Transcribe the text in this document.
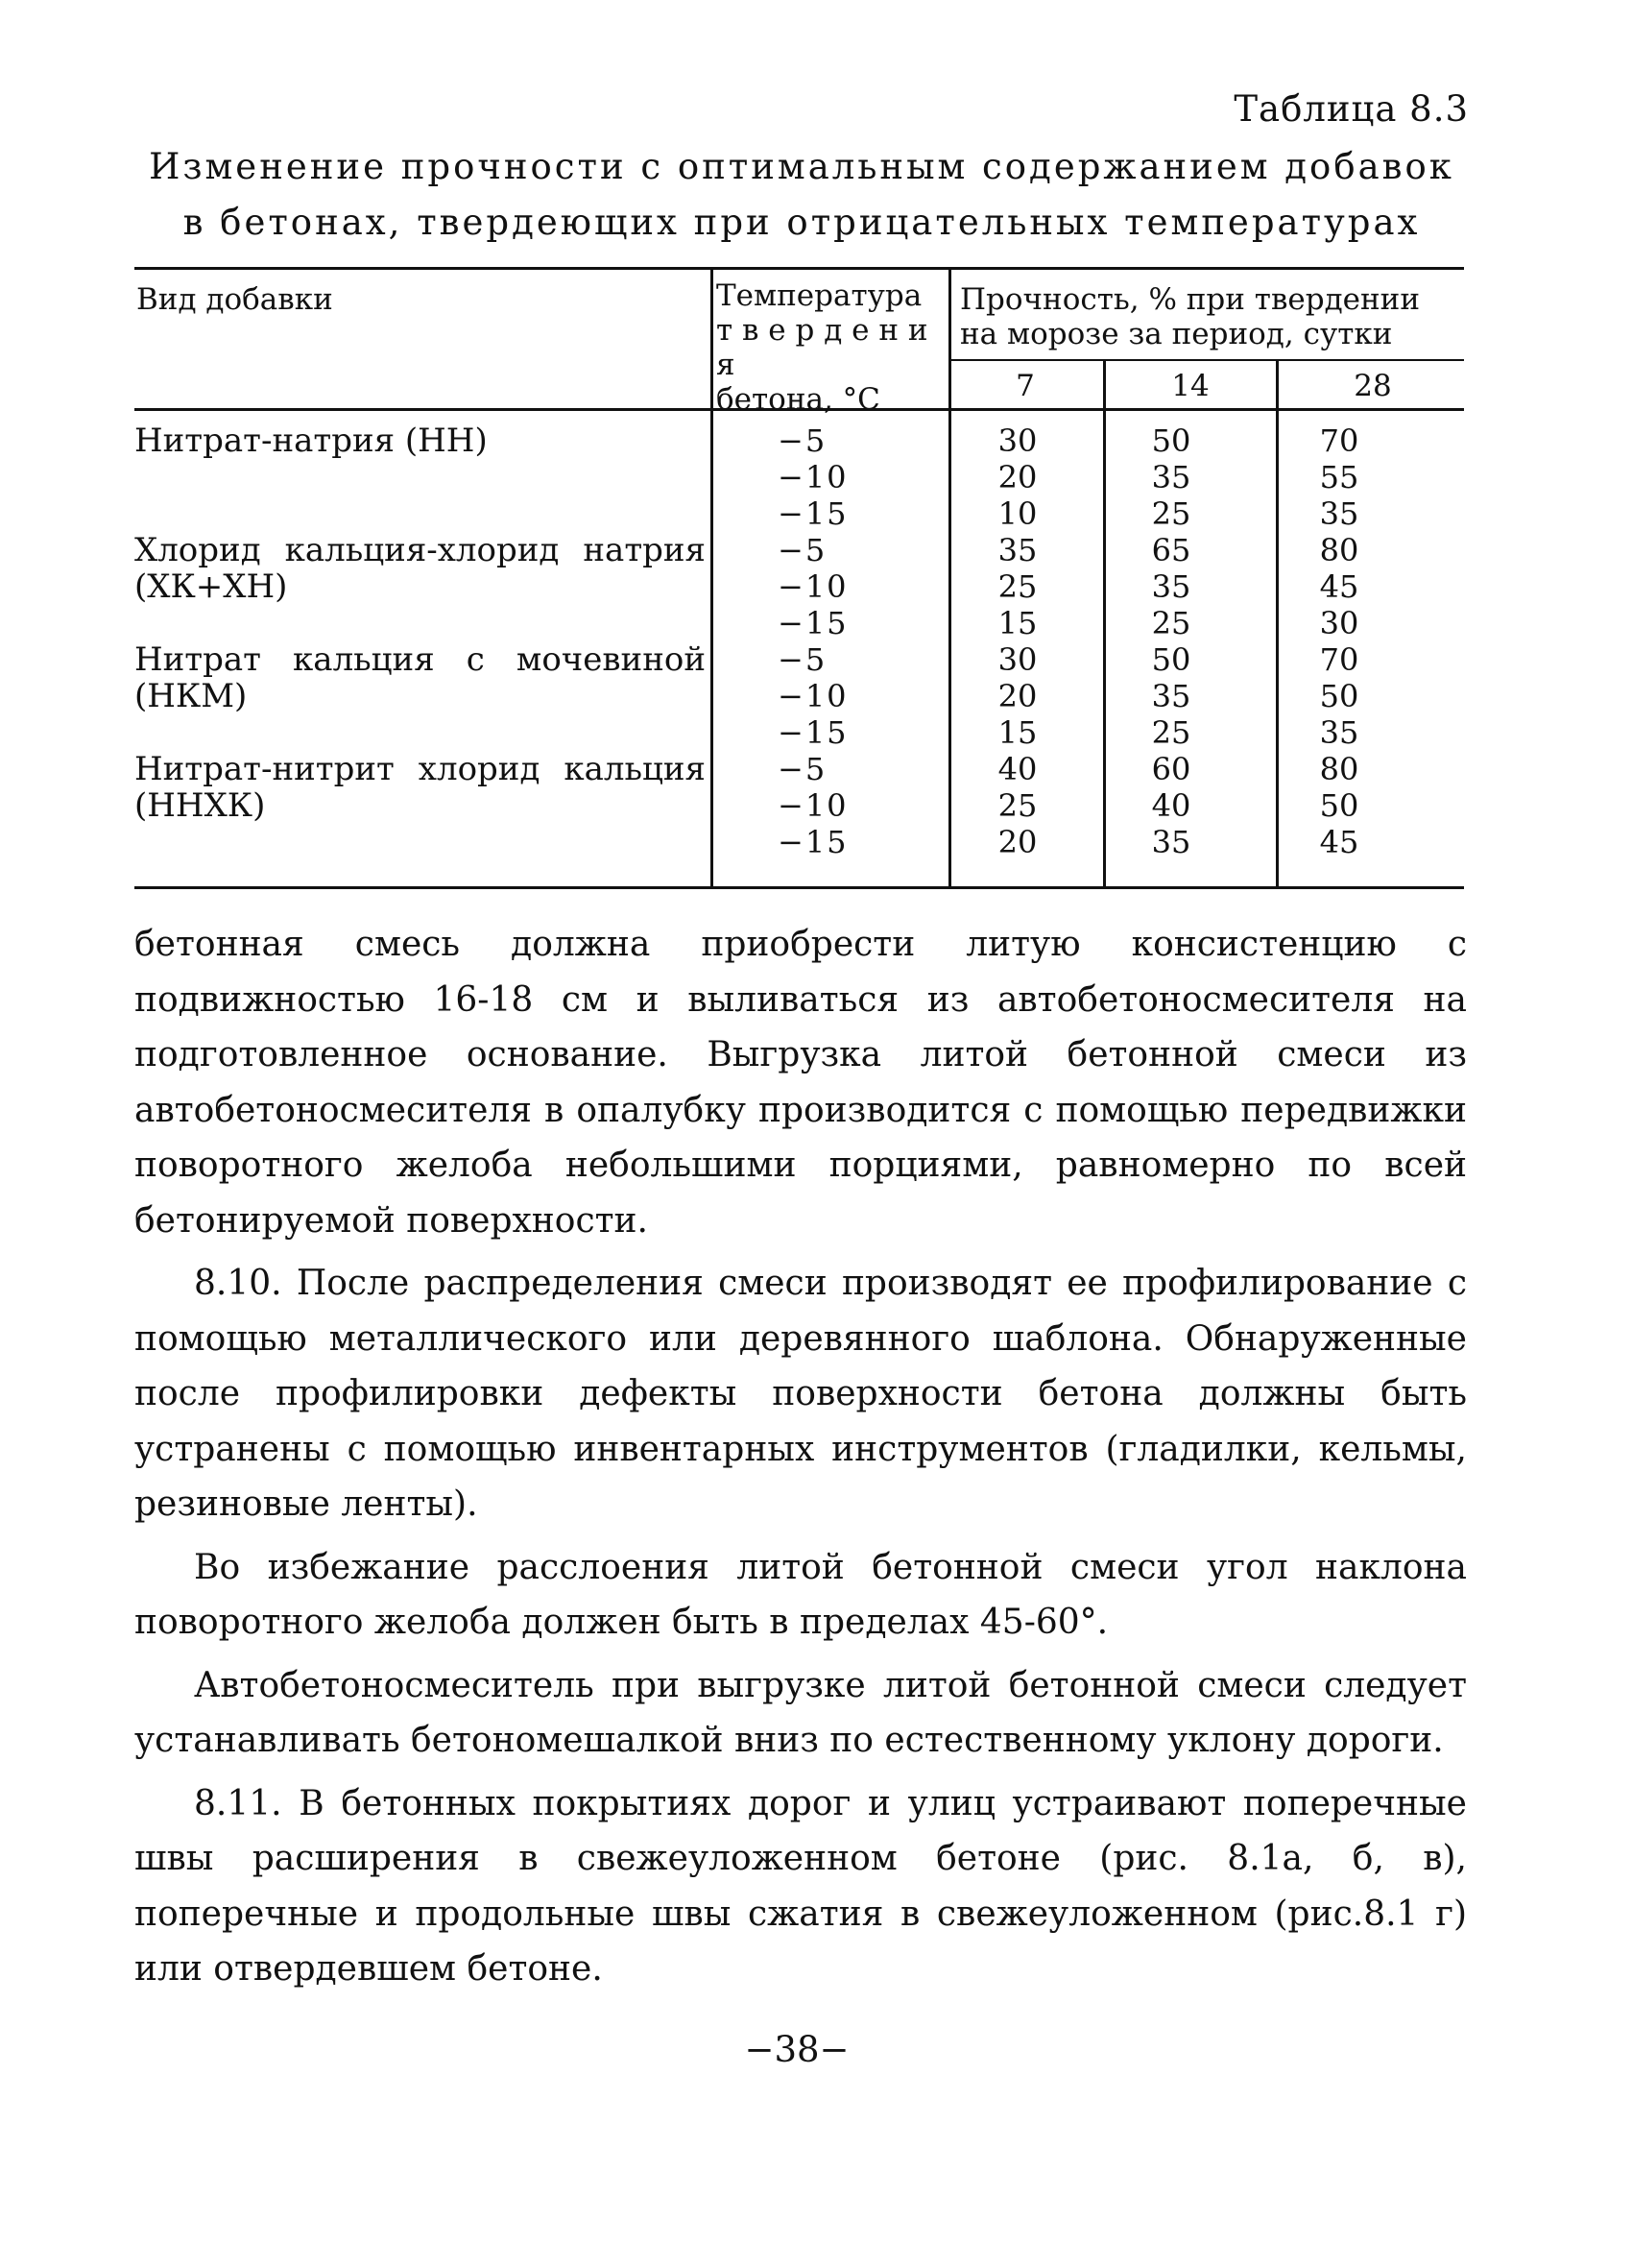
Таблица 8.3
Изменение прочности с оптимальным содержанием добавок
в бетонах, твердеющих при отрицательных температурах
Вид добавки	Температура
т в е р д е н и я
бетона, °С
Прочность, % при твердении
на морозе за период, сутки
7	14	28
Нитрат-натрия (НН)	−5	30	50	70
−10	20	35	55
−15	10	25	35
Хлорид кальция-хлорид натрия (ХК+ХН)
−5	35	65	80
−10	25	35	45
−15	15	25	30
Нитрат кальция с мочевиной (НКМ)
−5	30	50	70
−10	20	35	50
−15	15	25	35
Нитрат-нитрит хлорид кальция (ННХК)
−5	40	60	80
−10	25	40	50
−15	20	35	45

бетонная смесь должна приобрести литую консистенцию с подвижностью 16-18 см и выливаться из автобетоносмесителя на подготовленное основание. Выгрузка литой бетонной смеси из автобетоносмесителя в опалубку производится с помощью передвижки поворотного желоба небольшими порциями, равномерно по всей бетонируемой поверхности.

8.10. После распределения смеси производят ее профилирование с помощью металлического или деревянного шаблона. Обнаруженные после профилировки дефекты поверхности бетона должны быть устранены с помощью инвентарных инструментов (гладилки, кельмы, резиновые ленты).

Во избежание расслоения литой бетонной смеси угол наклона поворотного желоба должен быть в пределах 45-60°.

Автобетоносмеситель при выгрузке литой бетонной смеси следует устанавливать бетономешалкой вниз по естественному уклону дороги.

8.11. В бетонных покрытиях дорог и улиц устраивают поперечные швы расширения в свежеуложенном бетоне (рис. 8.1а, б, в), поперечные и продольные швы сжатия в свежеуложенном (рис.8.1 г) или отвердевшем бетоне.

−38−
